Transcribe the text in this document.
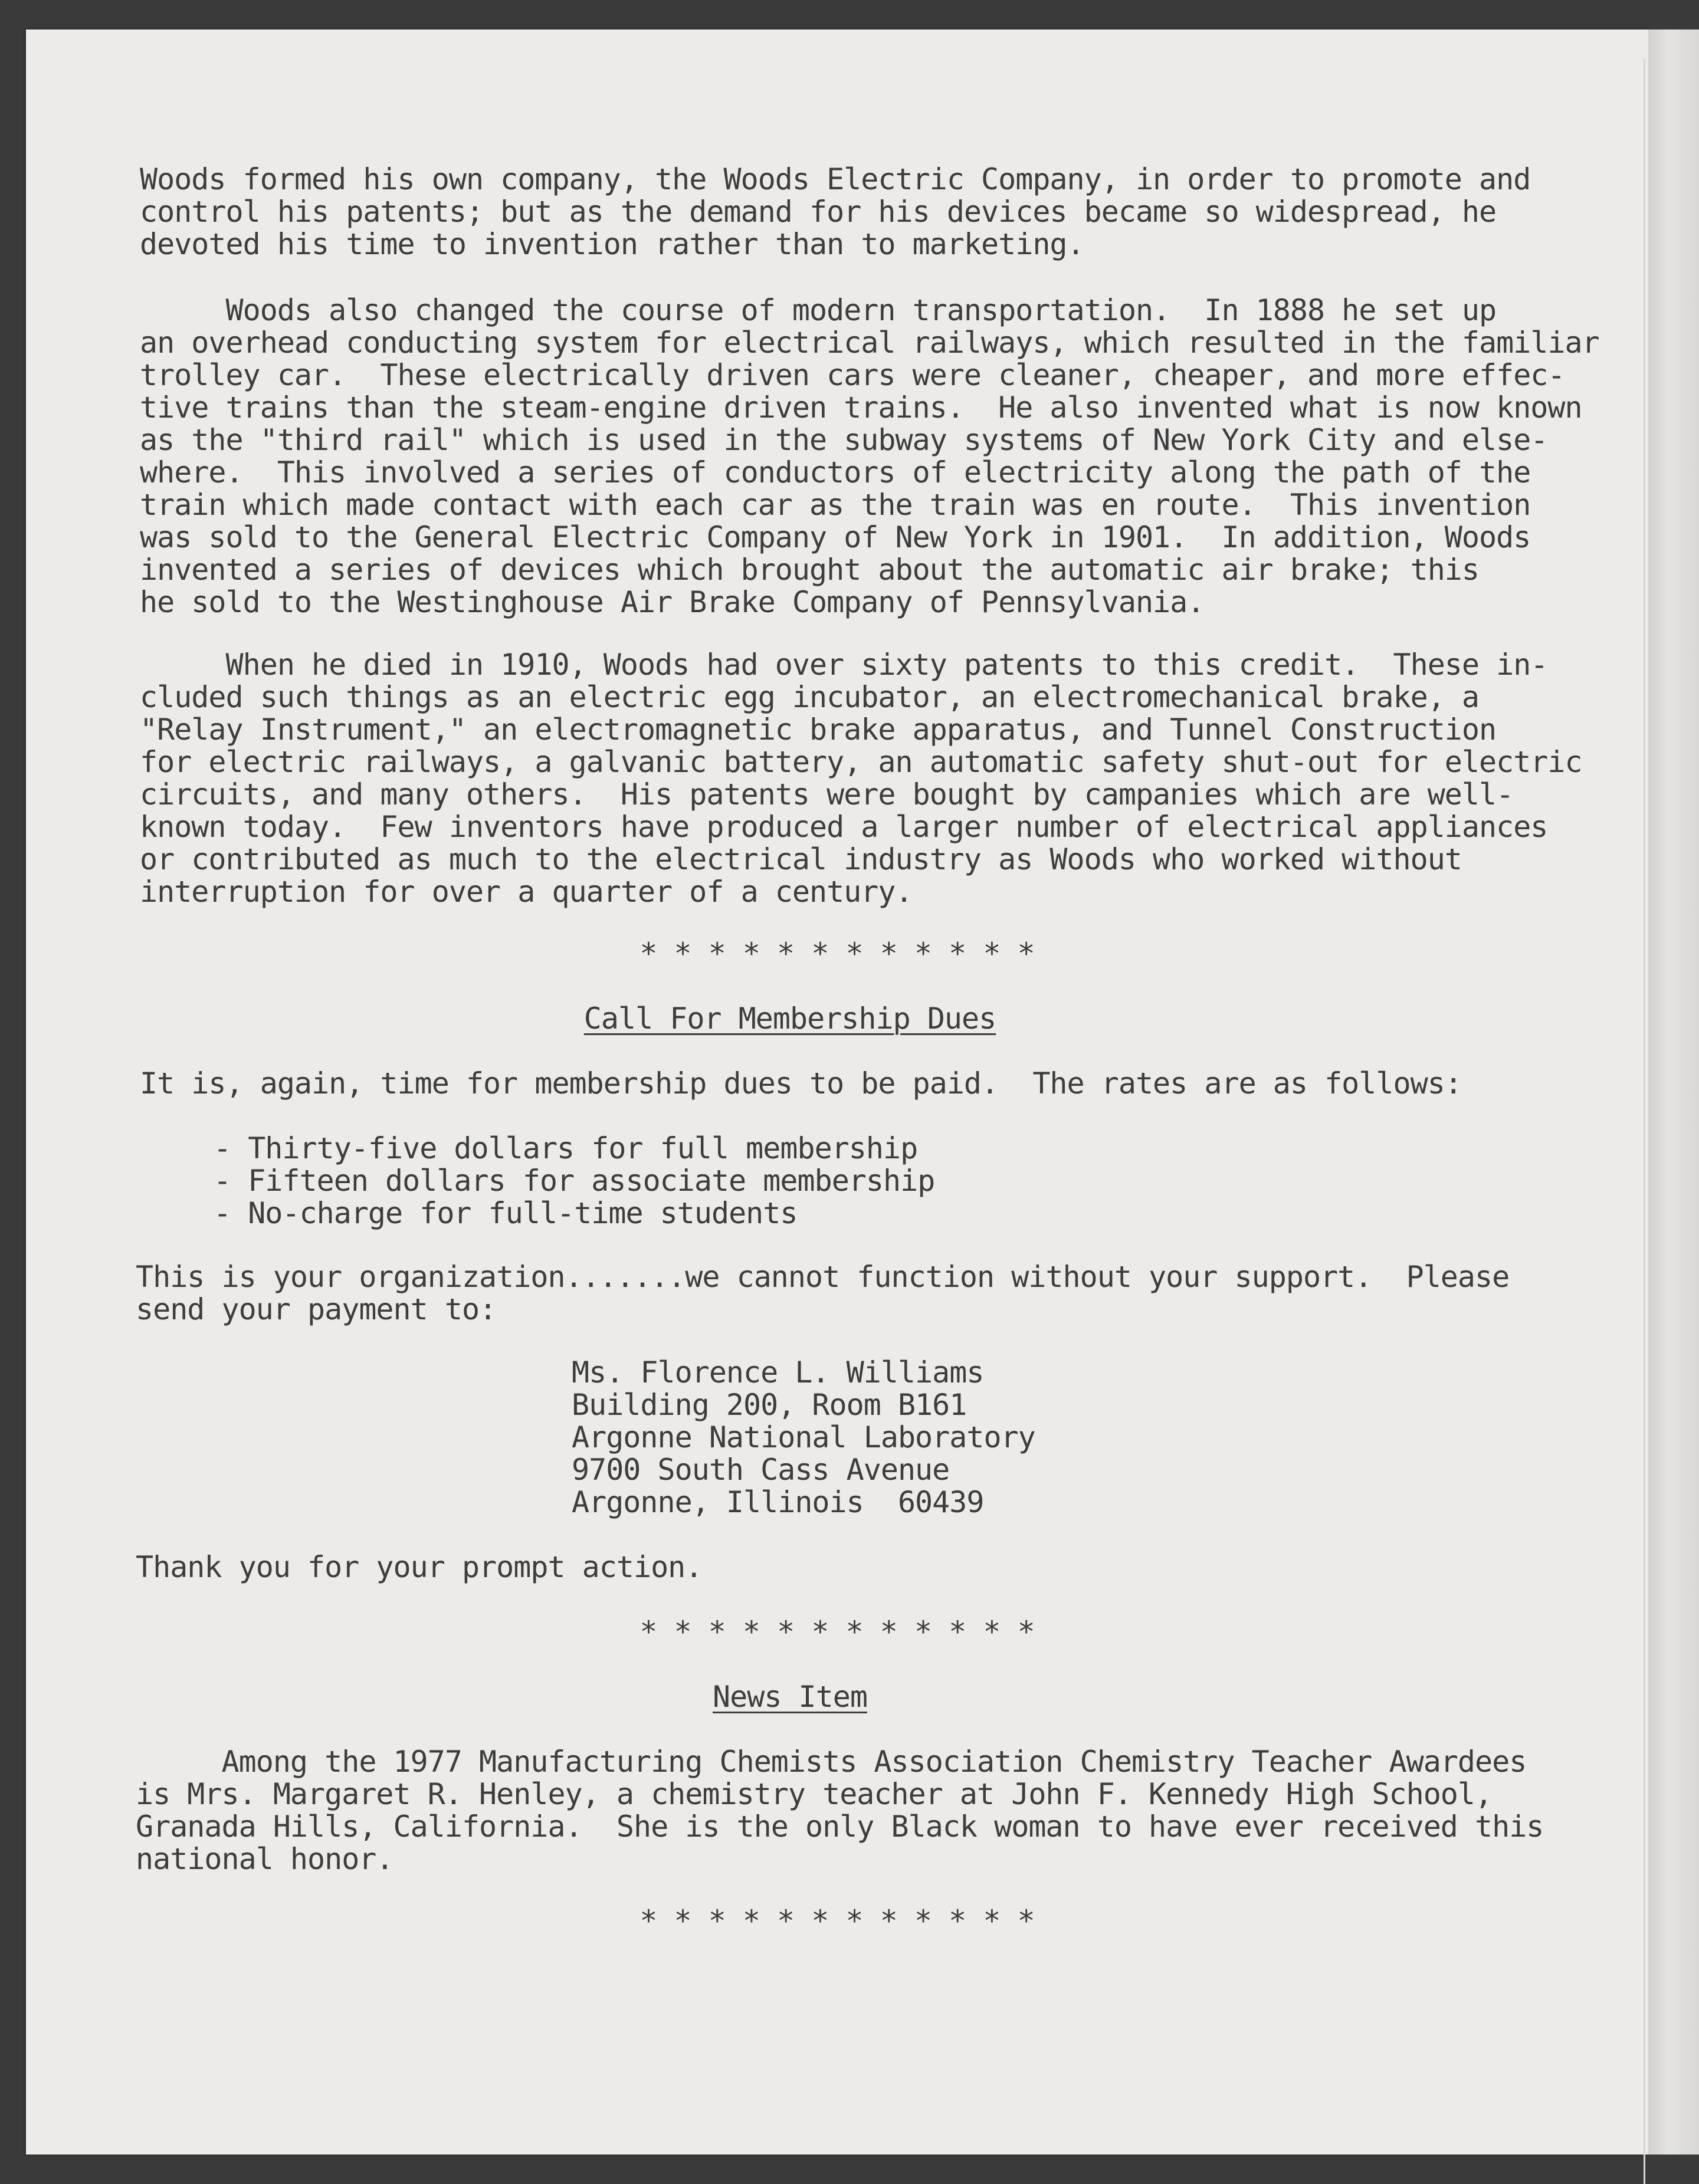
Woods formed his own company, the Woods Electric Company, in order to promote and
control his patents; but as the demand for his devices became so widespread, he
devoted his time to invention rather than to marketing.
Woods also changed the course of modern transportation.  In 1888 he set up
an overhead conducting system for electrical railways, which resulted in the familiar
trolley car.  These electrically driven cars were cleaner, cheaper, and more effec-
tive trains than the steam-engine driven trains.  He also invented what is now known
as the "third rail" which is used in the subway systems of New York City and else-
where.  This involved a series of conductors of electricity along the path of the
train which made contact with each car as the train was en route.  This invention
was sold to the General Electric Company of New York in 1901.  In addition, Woods
invented a series of devices which brought about the automatic air brake; this
he sold to the Westinghouse Air Brake Company of Pennsylvania.
When he died in 1910, Woods had over sixty patents to this credit.  These in-
cluded such things as an electric egg incubator, an electromechanical brake, a
"Relay Instrument," an electromagnetic brake apparatus, and Tunnel Construction
for electric railways, a galvanic battery, an automatic safety shut-out for electric
circuits, and many others.  His patents were bought by campanies which are well-
known today.  Few inventors have produced a larger number of electrical appliances
or contributed as much to the electrical industry as Woods who worked without
interruption for over a quarter of a century.
* * * * * * * * * * * *
Call For Membership Dues
It is, again, time for membership dues to be paid.  The rates are as follows:
- Thirty-five dollars for full membership
- Fifteen dollars for associate membership
- No-charge for full-time students
This is your organization.......we cannot function without your support.  Please
send your payment to:
Ms. Florence L. Williams
Building 200, Room B161
Argonne National Laboratory
9700 South Cass Avenue
Argonne, Illinois  60439
Thank you for your prompt action.
* * * * * * * * * * * *
News Item
Among the 1977 Manufacturing Chemists Association Chemistry Teacher Awardees
is Mrs. Margaret R. Henley, a chemistry teacher at John F. Kennedy High School,
Granada Hills, California.  She is the only Black woman to have ever received this
national honor.
* * * * * * * * * * * *
